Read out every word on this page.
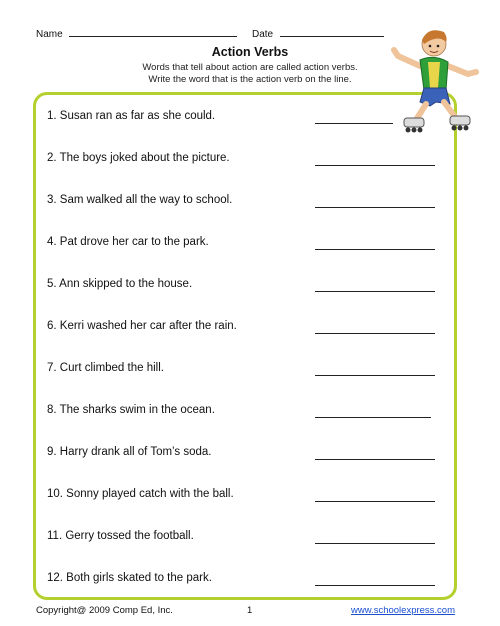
Name	Date
Action Verbs
Words that tell about action are called action verbs.
Write the word that is the action verb on the line.
1. Susan ran as far as she could.
2. The boys joked about the picture.
3. Sam walked all the way to school.
4. Pat drove her car to the park.
5. Ann skipped to the house.
6. Kerri washed her car after the rain.
7. Curt climbed the hill.
8. The sharks swim in the ocean.
9. Harry drank all of Tom’s soda.
10. Sonny played catch with the ball.
11. Gerry tossed the football.
12. Both girls skated to the park.
Copyright@ 2009 Comp Ed, Inc.	1	www.schoolexpress.com
